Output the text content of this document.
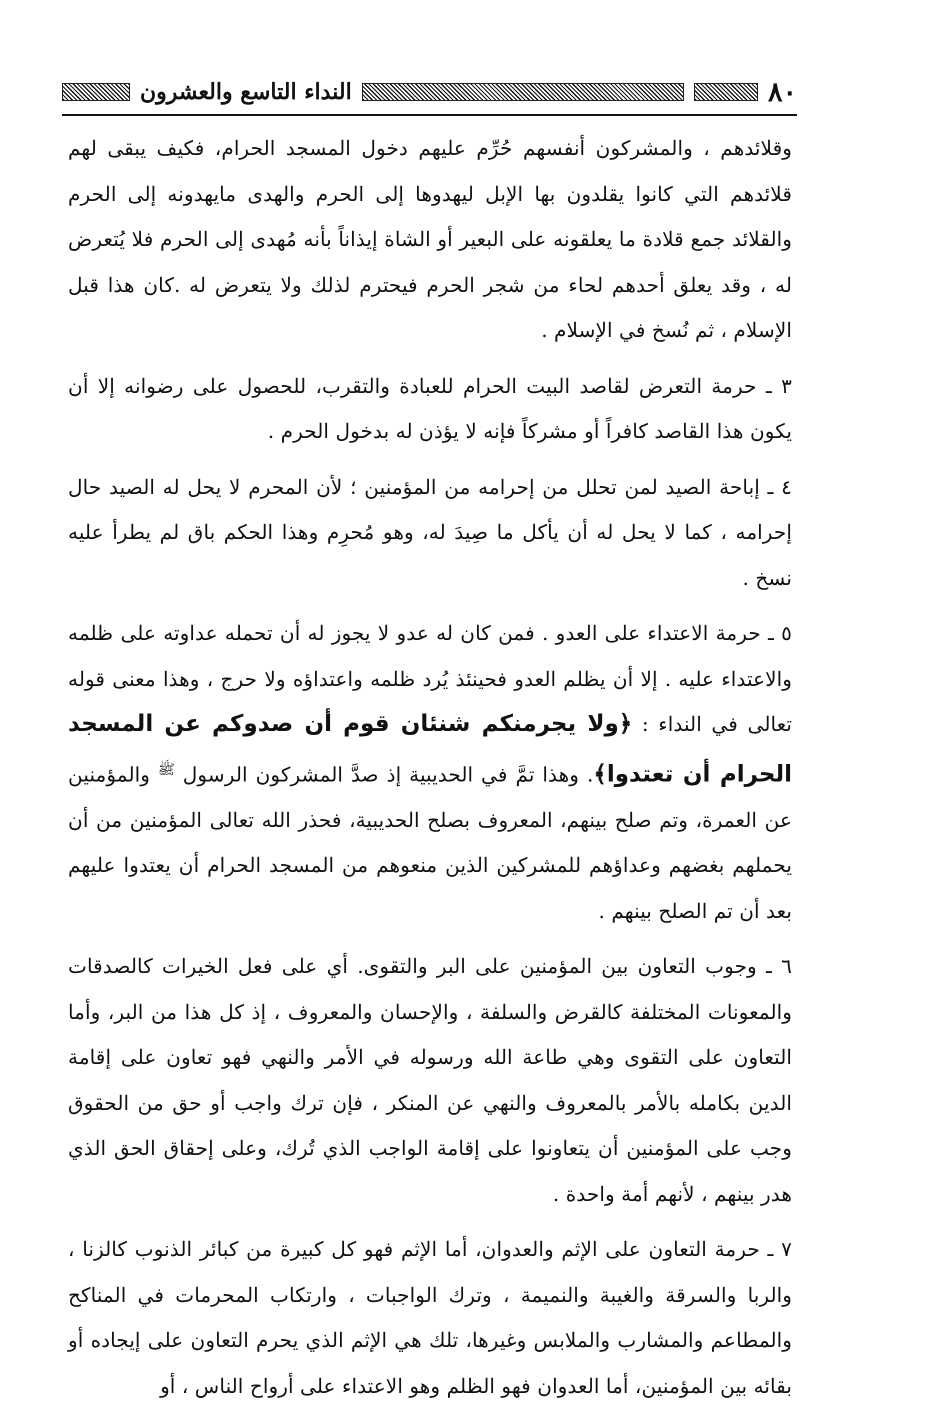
٨٠
النداء التاسع والعشرون

وقلائدهم ، والمشركون أنفسهم حُرِّم عليهم دخول المسجد الحرام، فكيف يبقى لهم قلائدهم التي كانوا يقلدون بها الإبل ليهدوها إلى الحرم والهدى مايهدونه إلى الحرم والقلائد جمع قلادة ما يعلقونه على البعير أو الشاة إيذاناً بأنه مُهدى إلى الحرم فلا يُتعرض له ، وقد يعلق أحدهم لحاء من شجر الحرم فيحترم لذلك ولا يتعرض له .كان هذا قبل الإسلام ، ثم نُسخ في الإسلام .

٣ ـ حرمة التعرض لقاصد البيت الحرام للعبادة والتقرب، للحصول على رضوانه إلا أن يكون هذا القاصد كافراً أو مشركاً فإنه لا يؤذن له بدخول الحرم .

٤ ـ إباحة الصيد لمن تحلل من إحرامه من المؤمنين ؛ لأن المحرم لا يحل له الصيد حال إحرامه ، كما لا يحل له أن يأكل ما صِيدَ له، وهو مُحرِم وهذا الحكم باق لم يطرأ عليه نسخ .

٥ ـ حرمة الاعتداء على العدو . فمن كان له عدو لا يجوز له أن تحمله عداوته على ظلمه والاعتداء عليه . إلا أن يظلم العدو فحينئذ يُرد ظلمه واعتداؤه ولا حرج ، وهذا معنى قوله تعالى في النداء : ﴿ولا يجرمنكم شنئان قوم أن صدوكم عن المسجد الحرام أن تعتدوا﴾. وهذا تمَّ في الحديبية إذ صدَّ المشركون الرسول $^ﷺ$ والمؤمنين عن العمرة، وتم صلح بينهم، المعروف بصلح الحديبية، فحذر الله تعالى المؤمنين من أن يحملهم بغضهم وعداؤهم للمشركين الذين منعوهم من المسجد الحرام أن يعتدوا عليهم بعد أن تم الصلح بينهم .

٦ ـ وجوب التعاون بين المؤمنين على البر والتقوى. أي على فعل الخيرات كالصدقات والمعونات المختلفة كالقرض والسلفة ، والإحسان والمعروف ، إذ كل هذا من البر، وأما التعاون على التقوى وهي طاعة الله ورسوله في الأمر والنهي فهو تعاون على إقامة الدين بكامله بالأمر بالمعروف والنهي عن المنكر ، فإن ترك واجب أو حق من الحقوق وجب على المؤمنين أن يتعاونوا على إقامة الواجب الذي تُرك، وعلى إحقاق الحق الذي هدر بينهم ، لأنهم أمة واحدة .

٧ ـ حرمة التعاون على الإثم والعدوان، أما الإثم فهو كل كبيرة من كبائر الذنوب كالزنا ، والربا والسرقة والغيبة والنميمة ، وترك الواجبات ، وارتكاب المحرمات في المناكح والمطاعم والمشارب والملابس وغيرها، تلك هي الإثم الذي يحرم التعاون على إيجاده أو بقائه بين المؤمنين، أما العدوان فهو الظلم وهو الاعتداء على أرواح الناس ، أو
